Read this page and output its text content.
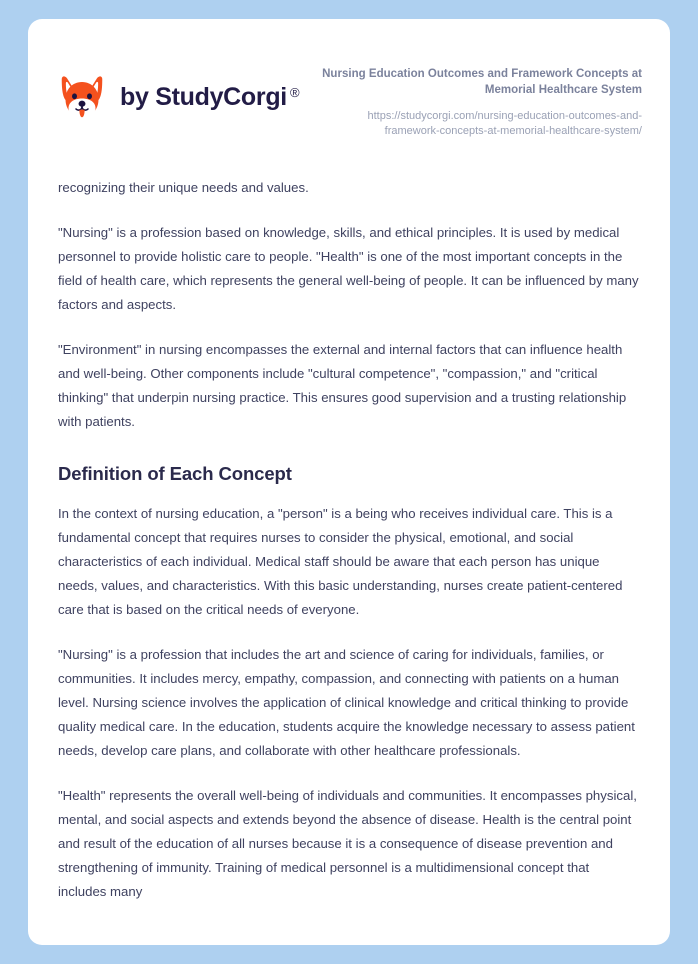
by StudyCorgi ®
Nursing Education Outcomes and Framework Concepts at Memorial Healthcare System
https://studycorgi.com/nursing-education-outcomes-and-framework-concepts-at-memorial-healthcare-system/

recognizing their unique needs and values.

"Nursing" is a profession based on knowledge, skills, and ethical principles. It is used by medical personnel to provide holistic care to people. "Health" is one of the most important concepts in the field of health care, which represents the general well-being of people. It can be influenced by many factors and aspects.

"Environment" in nursing encompasses the external and internal factors that can influence health and well-being. Other components include "cultural competence", "compassion," and "critical thinking" that underpin nursing practice. This ensures good supervision and a trusting relationship with patients.

Definition of Each Concept

In the context of nursing education, a "person" is a being who receives individual care. This is a fundamental concept that requires nurses to consider the physical, emotional, and social characteristics of each individual. Medical staff should be aware that each person has unique needs, values, and characteristics. With this basic understanding, nurses create patient-centered care that is based on the critical needs of everyone.

"Nursing" is a profession that includes the art and science of caring for individuals, families, or communities. It includes mercy, empathy, compassion, and connecting with patients on a human level. Nursing science involves the application of clinical knowledge and critical thinking to provide quality medical care. In the education, students acquire the knowledge necessary to assess patient needs, develop care plans, and collaborate with other healthcare professionals.

"Health" represents the overall well-being of individuals and communities. It encompasses physical, mental, and social aspects and extends beyond the absence of disease. Health is the central point and result of the education of all nurses because it is a consequence of disease prevention and strengthening of immunity. Training of medical personnel is a multidimensional concept that includes many
